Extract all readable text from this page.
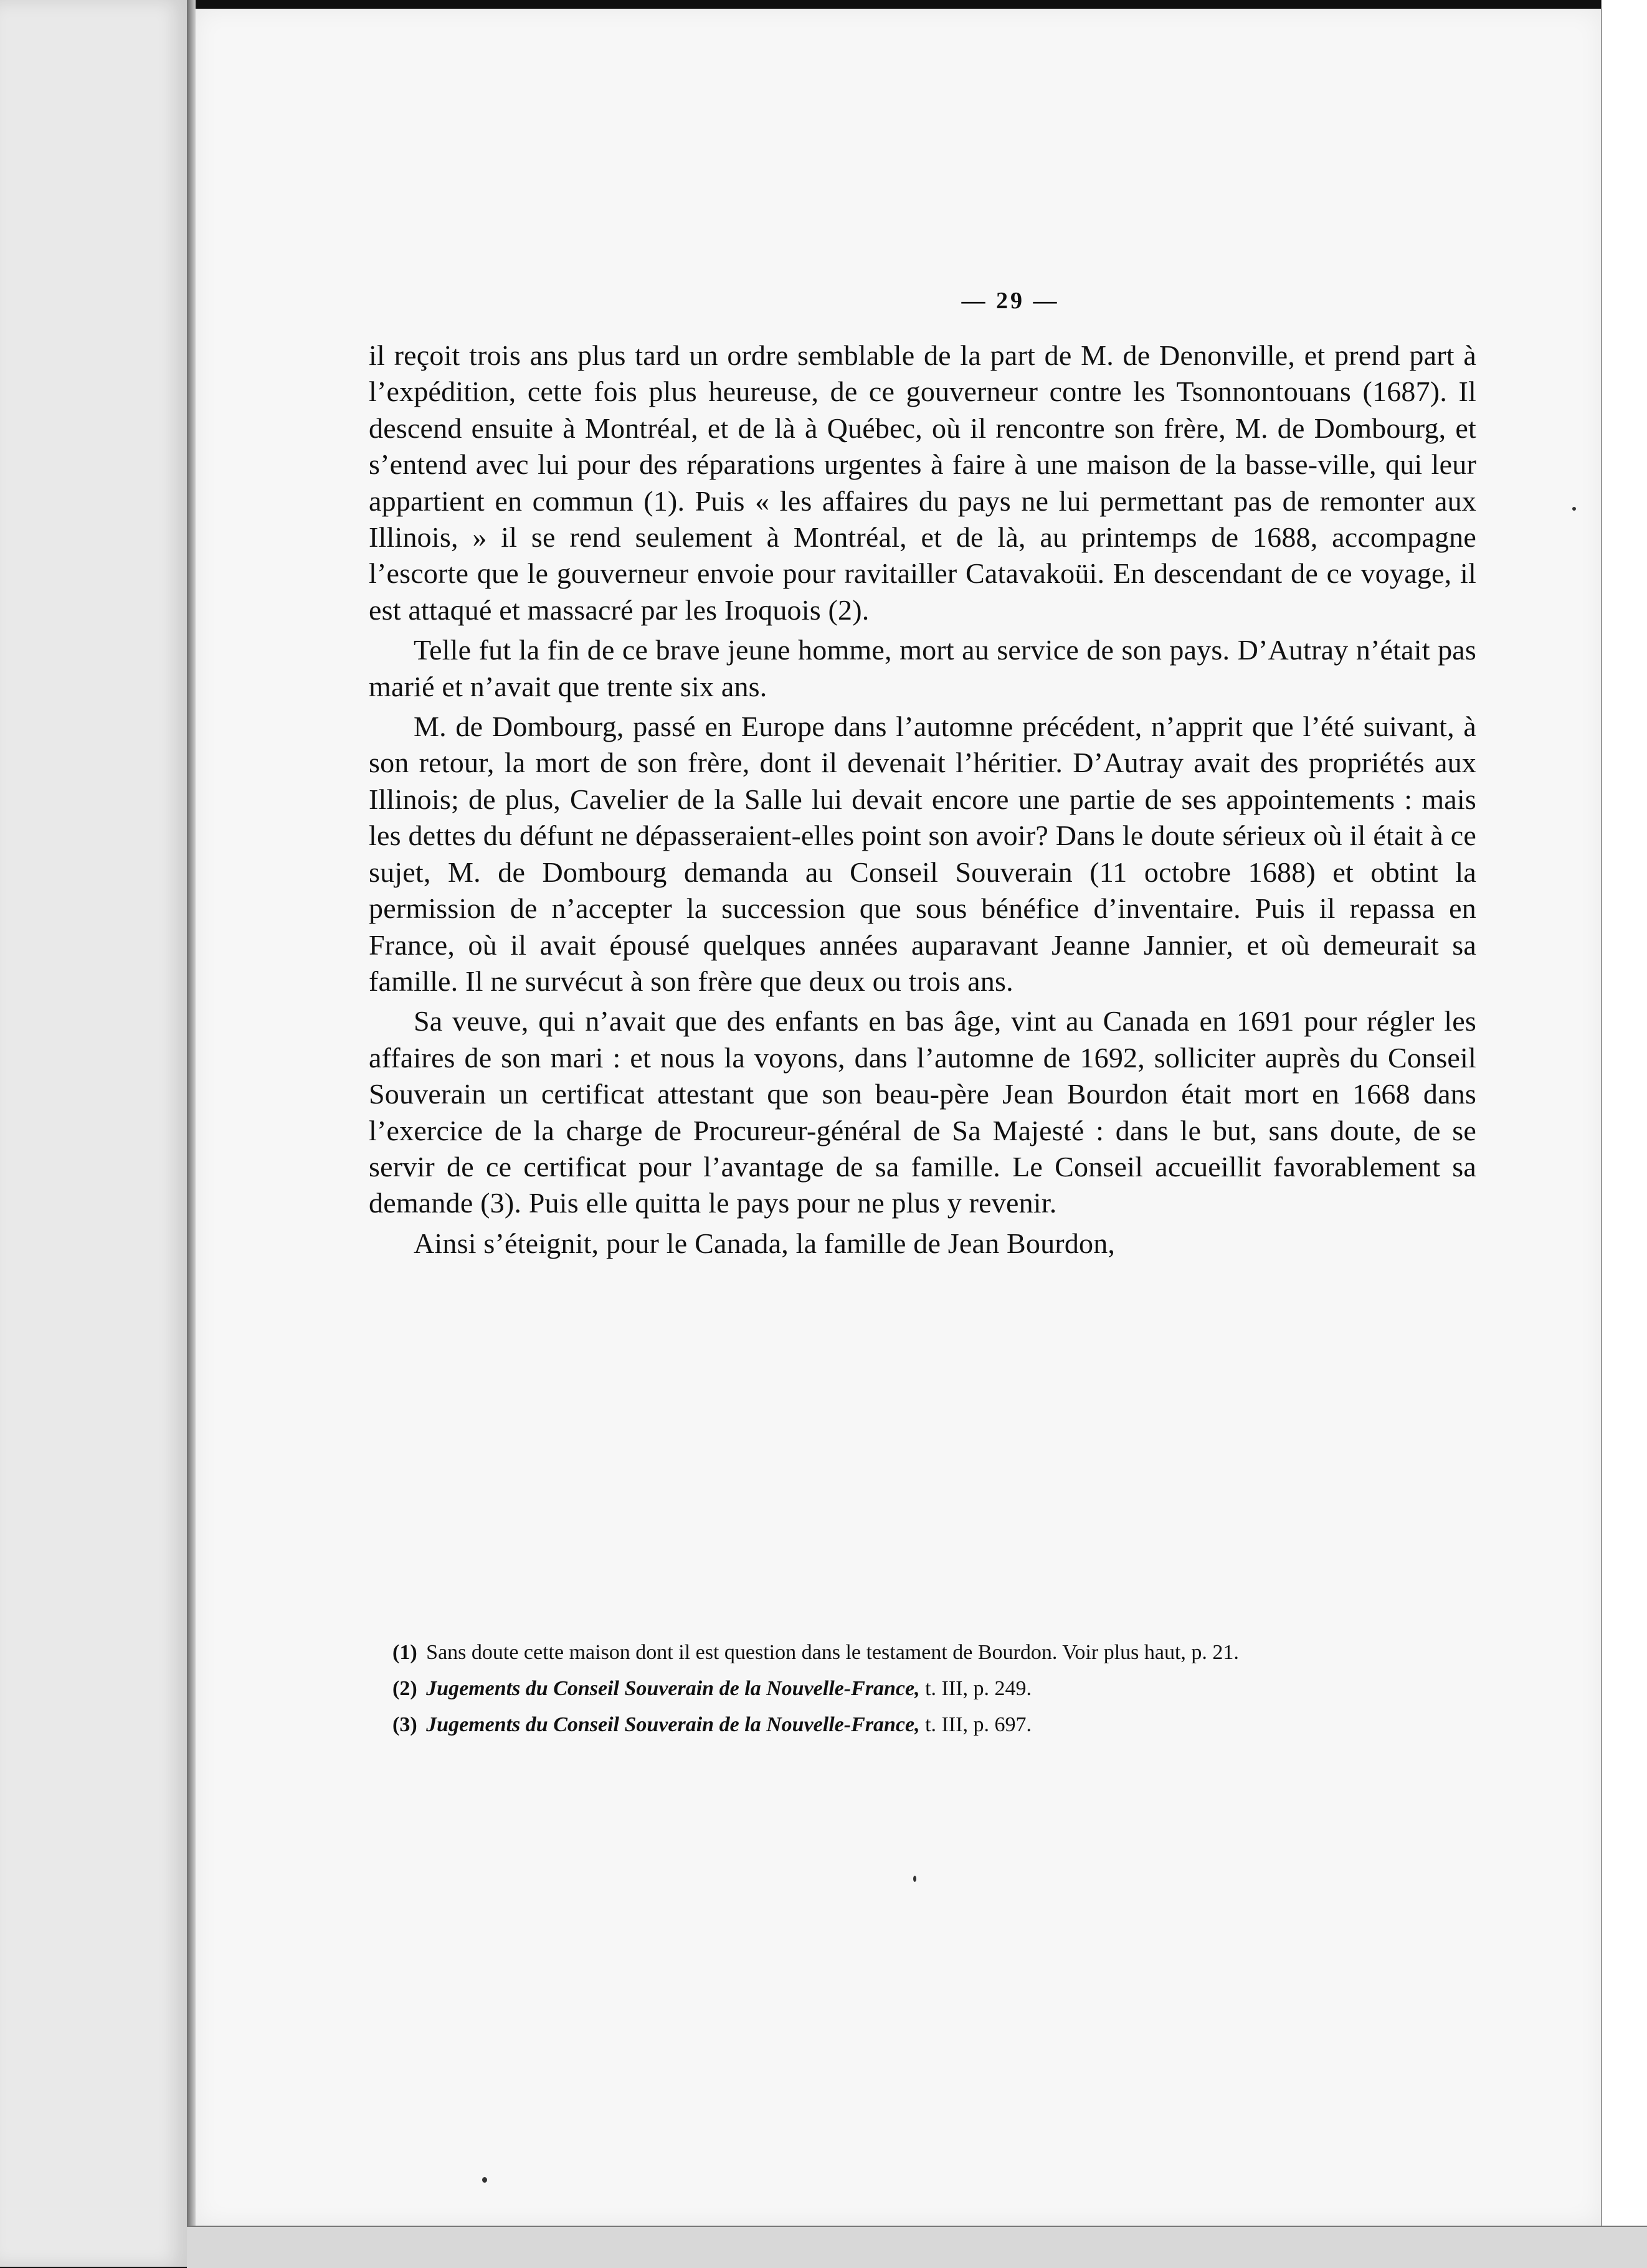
— 29 —

il reçoit trois ans plus tard un ordre semblable de la part de M. de Denonville, et prend part à l’expédition, cette fois plus heureuse, de ce gouverneur contre les Tsonnontouans (1687). Il descend ensuite à Montréal, et de là à Québec, où il rencontre son frère, M. de Dombourg, et s’entend avec lui pour des réparations urgentes à faire à une maison de la basse-ville, qui leur appartient en commun (1). Puis « les affaires du pays ne lui permettant pas de remonter aux Illinois, » il se rend seulement à Montréal, et de là, au printemps de 1688, accompagne l’escorte que le gouverneur envoie pour ravitailler Catavakoüi. En descendant de ce voyage, il est attaqué et massacré par les Iroquois (2).

Telle fut la fin de ce brave jeune homme, mort au service de son pays. D’Autray n’était pas marié et n’avait que trente six ans.

M. de Dombourg, passé en Europe dans l’automne précédent, n’apprit que l’été suivant, à son retour, la mort de son frère, dont il devenait l’héritier. D’Autray avait des propriétés aux Illinois; de plus, Cavelier de la Salle lui devait encore une partie de ses appointements : mais les dettes du défunt ne dépasseraient-elles point son avoir? Dans le doute sérieux où il était à ce sujet, M. de Dombourg demanda au Conseil Souverain (11 octobre 1688) et obtint la permission de n’accepter la succession que sous bénéfice d’inventaire. Puis il repassa en France, où il avait épousé quelques années auparavant Jeanne Jannier, et où demeurait sa famille. Il ne survécut à son frère que deux ou trois ans.

Sa veuve, qui n’avait que des enfants en bas âge, vint au Canada en 1691 pour régler les affaires de son mari : et nous la voyons, dans l’automne de 1692, solliciter auprès du Conseil Souverain un certificat attestant que son beau-père Jean Bourdon était mort en 1668 dans l’exercice de la charge de Procureur-général de Sa Majesté : dans le but, sans doute, de se servir de ce certificat pour l’avantage de sa famille. Le Conseil accueillit favorablement sa demande (3). Puis elle quitta le pays pour ne plus y revenir.

Ainsi s’éteignit, pour le Canada, la famille de Jean Bourdon,

(1) Sans doute cette maison dont il est question dans le testament de Bourdon. Voir plus haut, p. 21.

(2) Jugements du Conseil Souverain de la Nouvelle-France, t. III, p. 249.

(3) Jugements du Conseil Souverain de la Nouvelle-France, t. III, p. 697.
